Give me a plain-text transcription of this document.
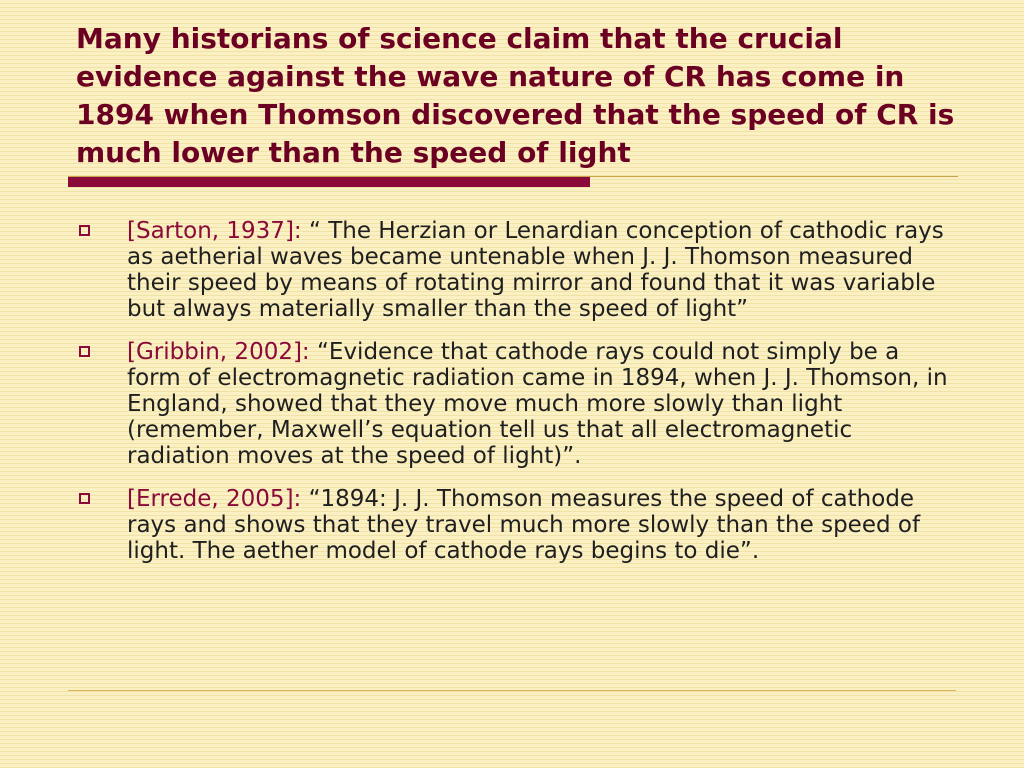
Many historians of science claim that the crucial evidence against the wave nature of CR has come in 1894 when Thomson discovered that the speed of CR is much lower than the speed of light
[Sarton, 1937]: “ The Herzian or Lenardian conception of cathodic rays as aetherial waves became untenable when J. J. Thomson measured their speed by means of rotating mirror and found that it was variable but always materially smaller than the speed of light”
[Gribbin, 2002]: “Evidence that cathode rays could not simply be a form of electromagnetic radiation came in 1894, when J. J. Thomson, in England, showed that they move much more slowly than light (remember, Maxwell’s equation tell us that all electromagnetic radiation moves at the speed of light)”.
[Errede, 2005]: “1894: J. J. Thomson measures the speed of cathode rays and shows that they travel much more slowly than the speed of light. The aether model of cathode rays begins to die”.
